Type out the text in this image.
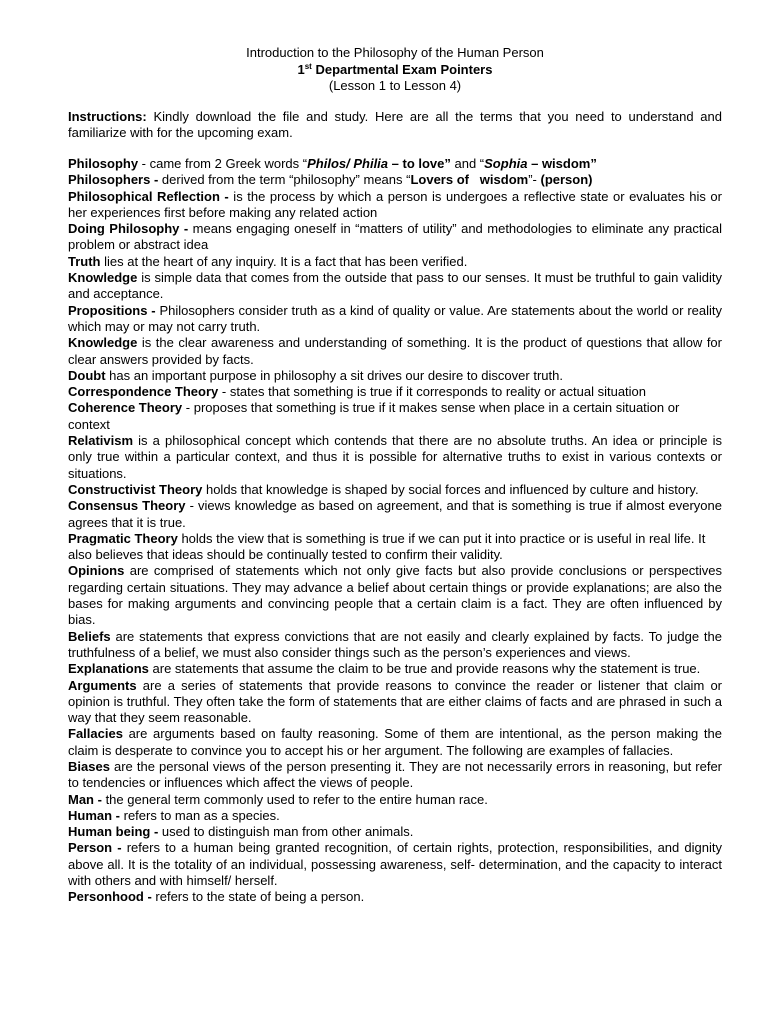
Introduction to the Philosophy of the Human Person
1st Departmental Exam Pointers
(Lesson 1 to Lesson 4)

Instructions: Kindly download the file and study. Here are all the terms that you need to understand and familiarize with for the upcoming exam.

Philosophy - came from 2 Greek words “Philos/ Philia – to love” and “Sophia – wisdom”

Philosophers - derived from the term “philosophy” means “Lovers of   wisdom”- (person)

Philosophical Reflection - is the process by which a person is undergoes a reflective state or evaluates his or her experiences first before making any related action

Doing Philosophy - means engaging oneself in “matters of utility” and methodologies to eliminate any practical problem or abstract idea

Truth lies at the heart of any inquiry. It is a fact that has been verified.

Knowledge is simple data that comes from the outside that pass to our senses. It must be truthful to gain validity and acceptance.

Propositions - Philosophers consider truth as a kind of quality or value. Are statements about the world or reality which may or may not carry truth.

Knowledge is the clear awareness and understanding of something. It is the product of questions that allow for clear answers provided by facts.

Doubt has an important purpose in philosophy a sit drives our desire to discover truth.

Correspondence Theory - states that something is true if it corresponds to reality or actual situation

Coherence Theory - proposes that something is true if it makes sense when place in a certain situation or context

Relativism is a philosophical concept which contends that there are no absolute truths. An idea or principle is only true within a particular context, and thus it is possible for alternative truths to exist in various contexts or situations.

Constructivist Theory holds that knowledge is shaped by social forces and influenced by culture and history.

Consensus Theory - views knowledge as based on agreement, and that is something is true if almost everyone agrees that it is true.

Pragmatic Theory holds the view that is something is true if we can put it into practice or is useful in real life. It also believes that ideas should be continually tested to confirm their validity.

Opinions are comprised of statements which not only give facts but also provide conclusions or perspectives regarding certain situations. They may advance a belief about certain things or provide explanations; are also the bases for making arguments and convincing people that a certain claim is a fact. They are often influenced by bias.

Beliefs are statements that express convictions that are not easily and clearly explained by facts. To judge the truthfulness of a belief, we must also consider things such as the person’s experiences and views.

Explanations are statements that assume the claim to be true and provide reasons why the statement is true.

Arguments are a series of statements that provide reasons to convince the reader or listener that claim or opinion is truthful. They often take the form of statements that are either claims of facts and are phrased in such a way that they seem reasonable.

Fallacies are arguments based on faulty reasoning. Some of them are intentional, as the person making the claim is desperate to convince you to accept his or her argument. The following are examples of fallacies.

Biases are the personal views of the person presenting it. They are not necessarily errors in reasoning, but refer to tendencies or influences which affect the views of people.

Man - the general term commonly used to refer to the entire human race.

Human - refers to man as a species.

Human being - used to distinguish man from other animals.

Person - refers to a human being granted recognition, of certain rights, protection, responsibilities, and dignity above all. It is the totality of an individual, possessing awareness, self- determination, and the capacity to interact with others and with himself/ herself.

Personhood - refers to the state of being a person.
